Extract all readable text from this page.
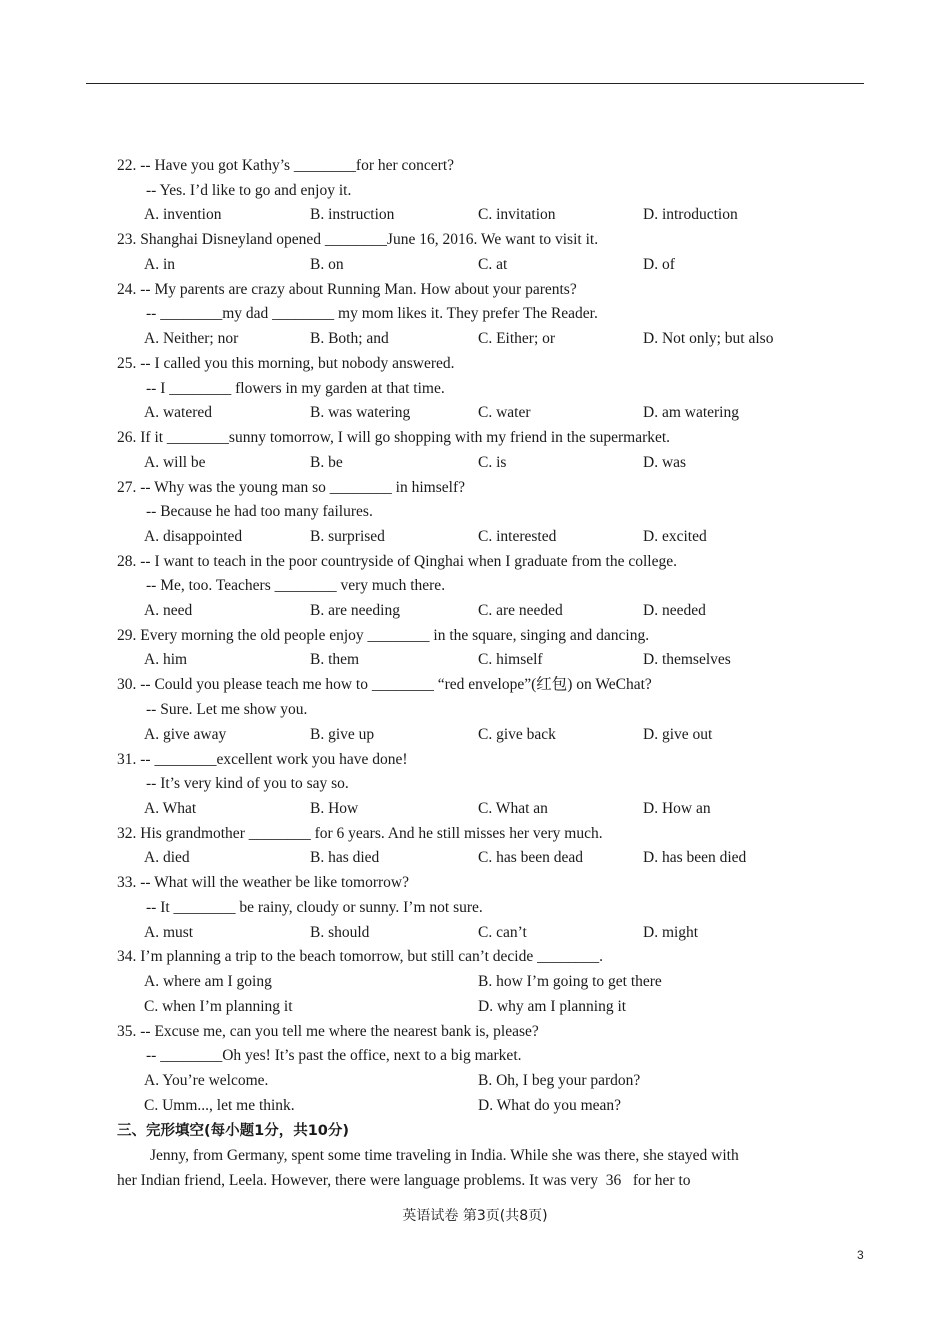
22. -- Have you got Kathy’s ________for her concert?
-- Yes. I’d like to go and enjoy it.
A. invention	B. instruction	C. invitation	D. introduction
23. Shanghai Disneyland opened ________June 16, 2016. We want to visit it.
A. in	B. on	C. at	D. of
24. -- My parents are crazy about Running Man. How about your parents?
-- ________my dad ________ my mom likes it. They prefer The Reader.
A. Neither; nor	B. Both; and	C. Either; or	D. Not only; but also
25. -- I called you this morning, but nobody answered.
-- I ________ flowers in my garden at that time.
A. watered	B. was watering	C. water	D. am watering
26. If it ________sunny tomorrow, I will go shopping with my friend in the supermarket.
A. will be	B. be	C. is	D. was
27. -- Why was the young man so ________ in himself?
-- Because he had too many failures.
A. disappointed	B. surprised	C. interested	D. excited
28. -- I want to teach in the poor countryside of Qinghai when I graduate from the college.
-- Me, too. Teachers ________ very much there.
A. need	B. are needing	C. are needed	D. needed
29. Every morning the old people enjoy ________ in the square, singing and dancing.
A. him	B. them	C. himself	D. themselves
30. -- Could you please teach me how to ________ “red envelope”(红包) on WeChat?
-- Sure. Let me show you.
A. give away	B. give up	C. give back	D. give out
31. -- ________excellent work you have done!
-- It’s very kind of you to say so.
A. What	B. How	C. What an	D. How an
32. His grandmother ________ for 6 years. And he still misses her very much.
A. died	B. has died	C. has been dead	D. has been died
33. -- What will the weather be like tomorrow?
-- It ________ be rainy, cloudy or sunny. I’m not sure.
A. must	B. should	C. can’t	D. might
34. I’m planning a trip to the beach tomorrow, but still can’t decide ________.
A. where am I going	B. how I’m going to get there
C. when I’m planning it	D. why am I planning it
35. -- Excuse me, can you tell me where the nearest bank is, please?
-- ________Oh yes! It’s past the office, next to a big market.
A. You’re welcome.	B. Oh, I beg your pardon?
C. Umm..., let me think.	D. What do you mean?
三、完形填空(每小题1分，共10分)
Jenny, from Germany, spent some time traveling in India. While she was there, she stayed with
her Indian friend, Leela. However, there were language problems. It was very  36   for her to
英语试卷 第3页(共8页)
3
